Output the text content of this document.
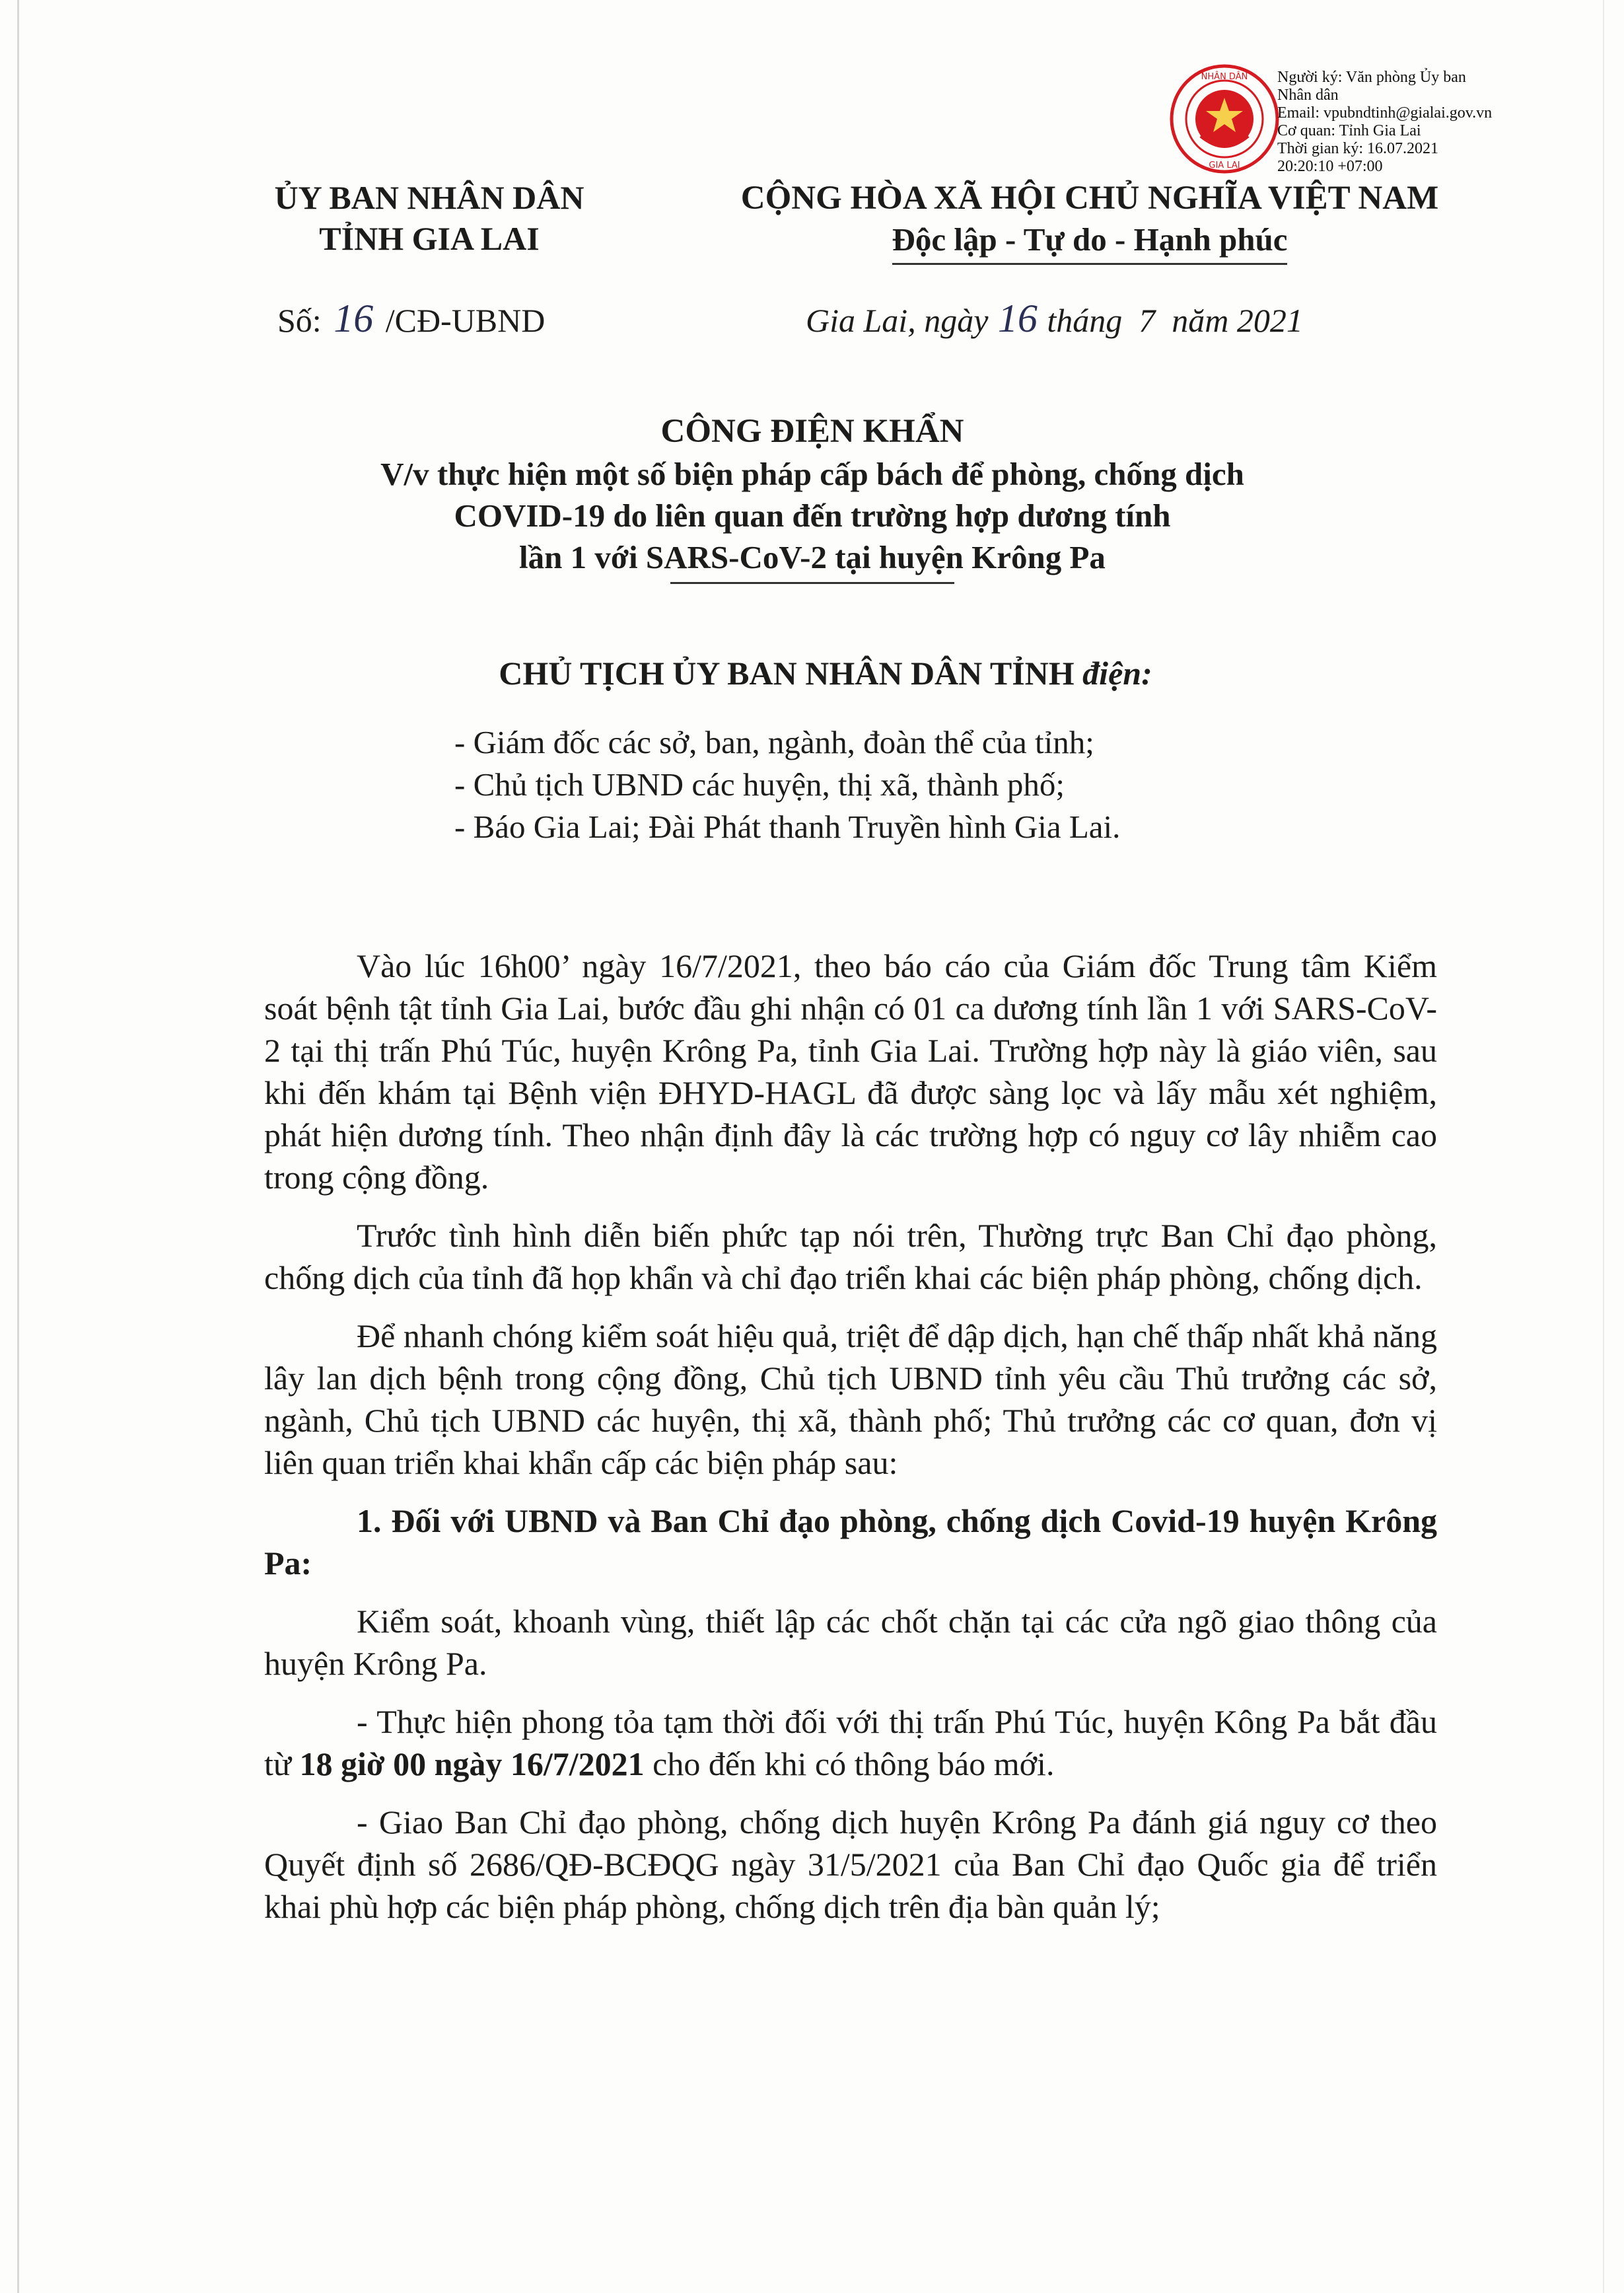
NHÂN DÂN
GIA LAI
Người ký: Văn phòng Ủy ban
Nhân dân
Email: vpubndtinh@gialai.gov.vn
Cơ quan: Tỉnh Gia Lai
Thời gian ký: 16.07.2021
20:20:10 +07:00
ỦY BAN NHÂN DÂN
TỈNH GIA LAI
CỘNG HÒA XÃ HỘI CHỦ NGHĨA VIỆT NAM
Độc lập - Tự do - Hạnh phúc
Số: 16 /CĐ-UBND	Gia Lai, ngày 16 tháng  7  năm 2021
CÔNG ĐIỆN KHẨN
V/v thực hiện một số biện pháp cấp bách để phòng, chống dịch
COVID-19 do liên quan đến trường hợp dương tính
lần 1 với SARS-CoV-2 tại huyện Krông Pa
CHỦ TỊCH ỦY BAN NHÂN DÂN TỈNH điện:
- Giám đốc các sở, ban, ngành, đoàn thể của tỉnh;
- Chủ tịch UBND các huyện, thị xã, thành phố;
- Báo Gia Lai; Đài Phát thanh Truyền hình Gia Lai.

Vào lúc 16h00’ ngày 16/7/2021, theo báo cáo của Giám đốc Trung tâm Kiểm soát bệnh tật tỉnh Gia Lai, bước đầu ghi nhận có 01 ca dương tính lần 1 với SARS-CoV-2 tại thị trấn Phú Túc, huyện Krông Pa, tỉnh Gia Lai. Trường hợp này là giáo viên, sau khi đến khám tại Bệnh viện ĐHYD-HAGL đã được sàng lọc và lấy mẫu xét nghiệm, phát hiện dương tính. Theo nhận định đây là các trường hợp có nguy cơ lây nhiễm cao trong cộng đồng.

Trước tình hình diễn biến phức tạp nói trên, Thường trực Ban Chỉ đạo phòng, chống dịch của tỉnh đã họp khẩn và chỉ đạo triển khai các biện pháp phòng, chống dịch.

Để nhanh chóng kiểm soát hiệu quả, triệt để dập dịch, hạn chế thấp nhất khả năng lây lan dịch bệnh trong cộng đồng, Chủ tịch UBND tỉnh yêu cầu Thủ trưởng các sở, ngành, Chủ tịch UBND các huyện, thị xã, thành phố; Thủ trưởng các cơ quan, đơn vị liên quan triển khai khẩn cấp các biện pháp sau:

1. Đối với UBND và Ban Chỉ đạo phòng, chống dịch Covid-19 huyện Krông Pa:

Kiểm soát, khoanh vùng, thiết lập các chốt chặn tại các cửa ngõ giao thông của huyện Krông Pa.

- Thực hiện phong tỏa tạm thời đối với thị trấn Phú Túc, huyện Kông Pa bắt đầu từ 18 giờ 00 ngày 16/7/2021 cho đến khi có thông báo mới.

- Giao Ban Chỉ đạo phòng, chống dịch huyện Krông Pa đánh giá nguy cơ theo Quyết định số 2686/QĐ-BCĐQG ngày 31/5/2021 của Ban Chỉ đạo Quốc gia để triển khai phù hợp các biện pháp phòng, chống dịch trên địa bàn quản lý;
